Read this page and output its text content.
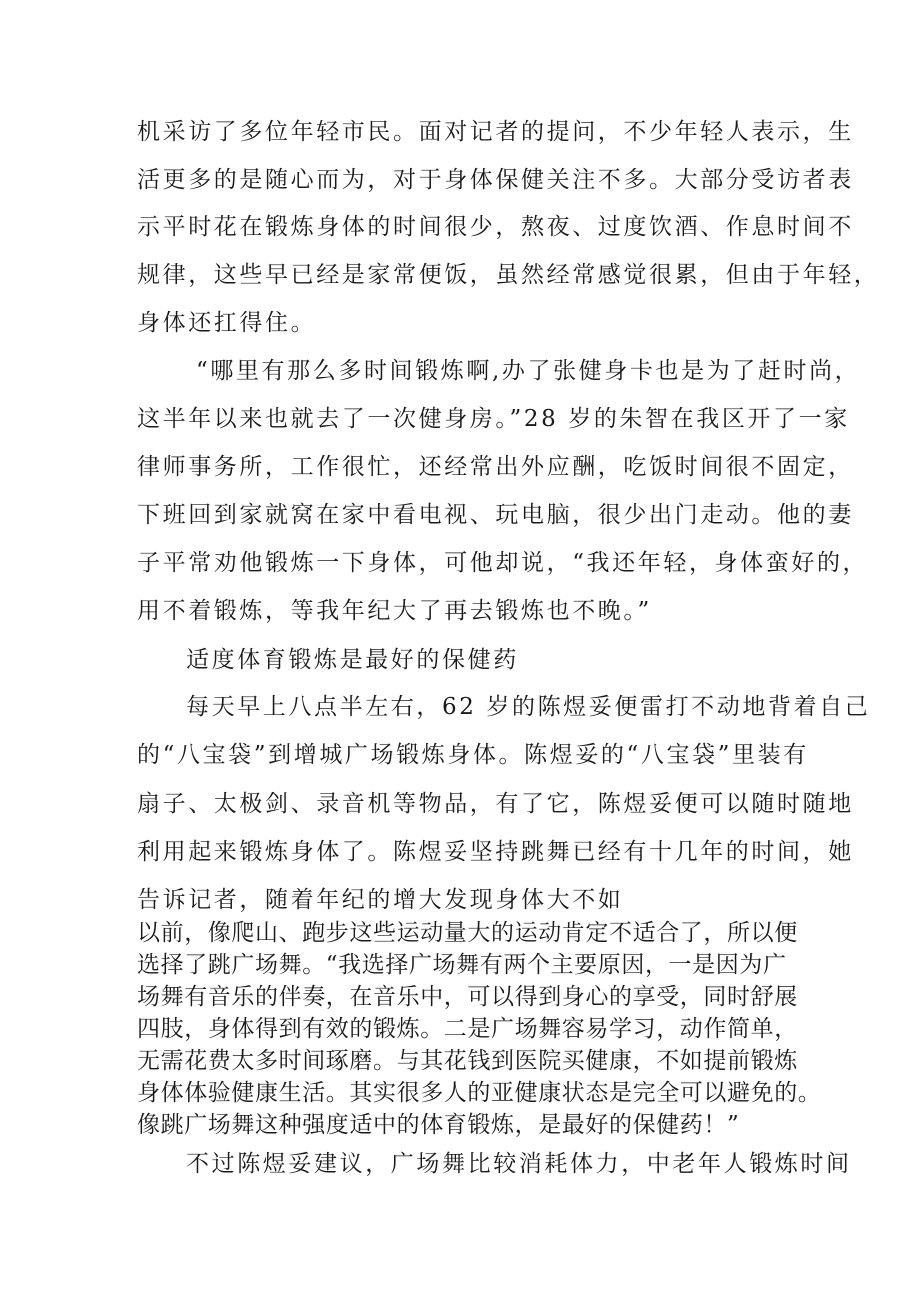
机采访了多位年轻市民。面对记者的提问，不少年轻人表示，生
活更多的是随心而为，对于身体保健关注不多。大部分受访者表
示平时花在锻炼身体的时间很少，熬夜、过度饮酒、作息时间不
规律，这些早已经是家常便饭，虽然经常感觉很累，但由于年轻，
身体还扛得住。
“哪里有那么多时间锻炼啊,办了张健身卡也是为了赶时尚，
这半年以来也就去了一次健身房。”28 岁的朱智在我区开了一家
律师事务所，工作很忙，还经常出外应酬，吃饭时间很不固定，
下班回到家就窝在家中看电视、玩电脑，很少出门走动。他的妻
子平常劝他锻炼一下身体，可他却说，“我还年轻，身体蛮好的，
用不着锻炼，等我年纪大了再去锻炼也不晚。”
适度体育锻炼是最好的保健药
每天早上八点半左右，62 岁的陈煜妥便雷打不动地背着自己
的“八宝袋”到增城广场锻炼身体。陈煜妥的“八宝袋”里装有
扇子、太极剑、录音机等物品，有了它，陈煜妥便可以随时随地
利用起来锻炼身体了。陈煜妥坚持跳舞已经有十几年的时间，她
告诉记者，随着年纪的增大发现身体大不如
以前，像爬山、跑步这些运动量大的运动肯定不适合了，所以便
选择了跳广场舞。“我选择广场舞有两个主要原因，一是因为广
场舞有音乐的伴奏，在音乐中，可以得到身心的享受，同时舒展
四肢，身体得到有效的锻炼。二是广场舞容易学习，动作简单，
无需花费太多时间琢磨。与其花钱到医院买健康，不如提前锻炼
身体体验健康生活。其实很多人的亚健康状态是完全可以避免的。
像跳广场舞这种强度适中的体育锻炼，是最好的保健药！”
不过陈煜妥建议，广场舞比较消耗体力，中老年人锻炼时间
